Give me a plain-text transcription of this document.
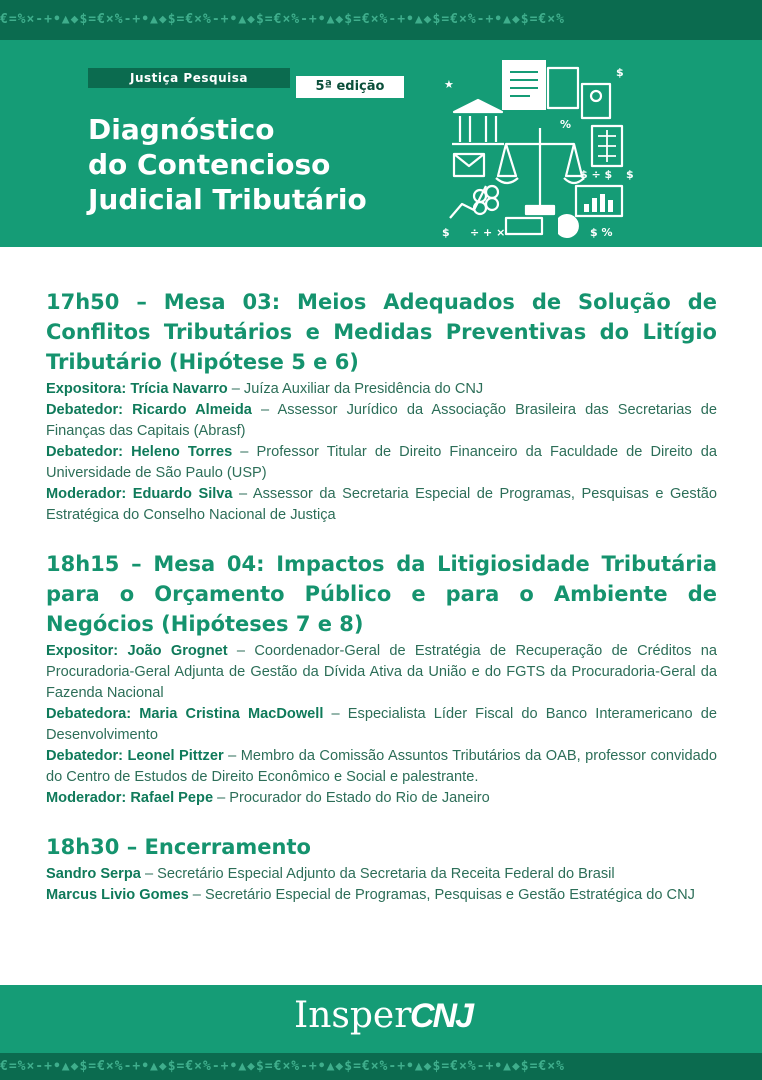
€=%×-+•▲◆$=€×%-+•▲◆$=€×%-+•▲◆$=€×%-+•▲◆$=€×%-+•▲◆$=€×%-+•▲◆$=€×%
Justiça Pesquisa
5ª edição
Diagnóstico
do Contencioso
Judicial Tributário
★
$
$
%
$	$ %
$ ÷ $
÷ + ×
17h50 – Mesa 03: Meios Adequados de Solução de
Conflitos Tributários e Medidas Preventivas do Litígio
Tributário (Hipótese 5 e 6)

Expositora: Trícia Navarro – Juíza Auxiliar da Presidência do CNJ

Debatedor: Ricardo Almeida – Assessor Jurídico da Associação Brasileira das Secretarias de Finanças das Capitais (Abrasf)

Debatedor: Heleno Torres – Professor Titular de Direito Financeiro da Faculdade de Direito da Universidade de São Paulo (USP)

Moderador: Eduardo Silva – Assessor da Secretaria Especial de Programas, Pesquisas e Gestão Estratégica do Conselho Nacional de Justiça

18h15 – Mesa 04: Impactos da Litigiosidade Tributária
para o Orçamento Público e para o Ambiente de
Negócios (Hipóteses 7 e 8)

Expositor: João Grognet – Coordenador-Geral de Estratégia de Recuperação de Créditos na Procuradoria-Geral Adjunta de Gestão da Dívida Ativa da União e do FGTS da Procuradoria-Geral da Fazenda Nacional

Debatedora: Maria Cristina MacDowell – Especialista Líder Fiscal do Banco Interamericano de Desenvolvimento

Debatedor: Leonel Pittzer – Membro da Comissão Assuntos Tributários da OAB, professor convidado do Centro de Estudos de Direito Econômico e Social e palestrante.

Moderador: Rafael Pepe – Procurador do Estado do Rio de Janeiro

18h30 – Encerramento

Sandro Serpa – Secretário Especial Adjunto da Secretaria da Receita Federal do Brasil

Marcus Livio Gomes – Secretário Especial de Programas, Pesquisas e Gestão Estratégica do CNJ

Insper
CNJ
€=%×-+•▲◆$=€×%-+•▲◆$=€×%-+•▲◆$=€×%-+•▲◆$=€×%-+•▲◆$=€×%-+•▲◆$=€×%
